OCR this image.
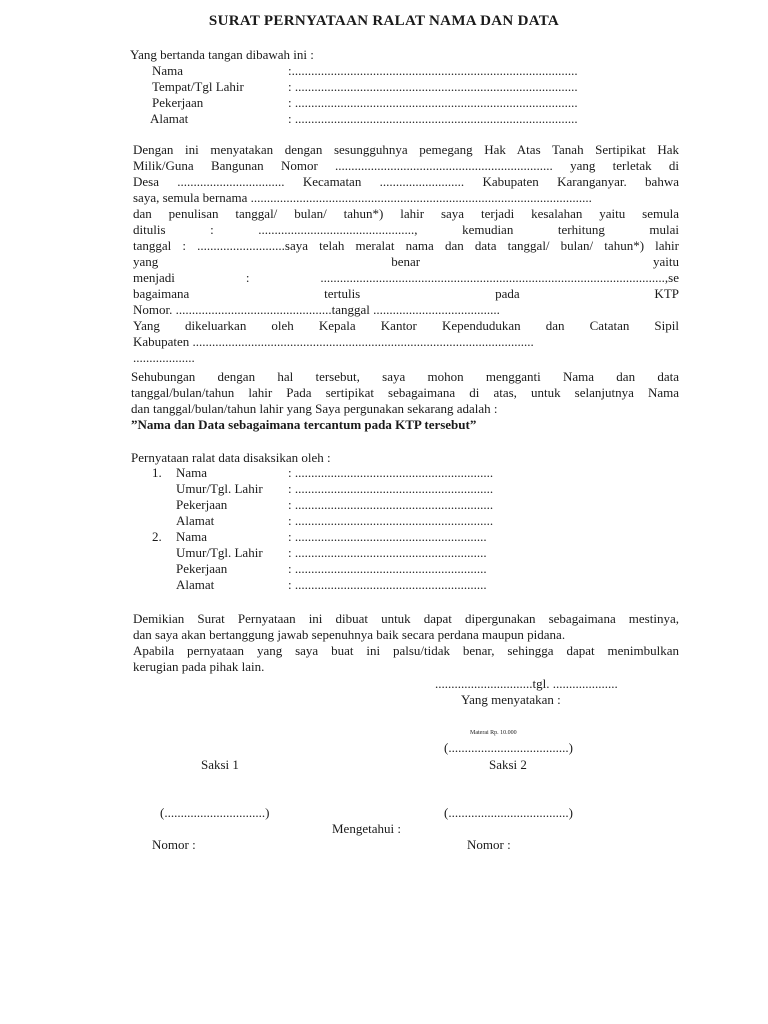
SURAT PERNYATAAN RALAT NAMA DAN DATA
Yang bertanda tangan dibawah ini :
Nama	:........................................................................................
Tempat/Tgl Lahir	: .......................................................................................
Pekerjaan	: .......................................................................................
Alamat	: .......................................................................................
Dengan ini menyatakan dengan sesungguhnya pemegang Hak Atas Tanah Sertipikat Hak
Milik/Guna Bangunan Nomor ................................................................... yang terletak di
Desa ................................. Kecamatan .......................... Kabupaten Karanganyar. bahwa
saya, semula bernama .........................................................................................................
dan penulisan tanggal/ bulan/ tahun*) lahir saya terjadi kesalahan yaitu semula
ditulis : ................................................, kemudian terhitung mulai
tanggal : ...........................saya telah meralat nama dan data tanggal/ bulan/ tahun*) lahir
yang benar yaitu
menjadi : ..........................................................................................................,se
bagaimana tertulis pada KTP
Nomor. ................................................tanggal .......................................
Yang dikeluarkan oleh Kepala Kantor Kependudukan dan Catatan Sipil
Kabupaten .........................................................................................................
...................
Sehubungan dengan hal tersebut, saya mohon mengganti Nama dan data
tanggal/bulan/tahun lahir Pada sertipikat sebagaimana di atas, untuk selanjutnya Nama
dan tanggal/bulan/tahun lahir yang Saya pergunakan sekarang adalah :
”Nama dan Data sebagaimana tercantum pada KTP tersebut”
Pernyataan ralat data disaksikan oleh :
1. Nama	: .............................................................
Umur/Tgl. Lahir : .............................................................
Pekerjaan	: .............................................................
Alamat	: .............................................................
2. Nama	: ...........................................................
Umur/Tgl. Lahir : ...........................................................
Pekerjaan	: ...........................................................
Alamat	: ...........................................................
Demikian Surat Pernyataan ini dibuat untuk dapat dipergunakan sebagaimana mestinya,
dan saya akan bertanggung jawab sepenuhnya baik secara perdana maupun pidana.
Apabila pernyataan yang saya buat ini palsu/tidak benar, sehingga dapat menimbulkan
kerugian pada pihak lain.
..............................tgl. ....................
Yang menyatakan :
Materai Rp. 10.000
(.....................................)
Saksi 1	Saksi 2
(...............................)	(.....................................)
Mengetahui :
Nomor :	Nomor :
